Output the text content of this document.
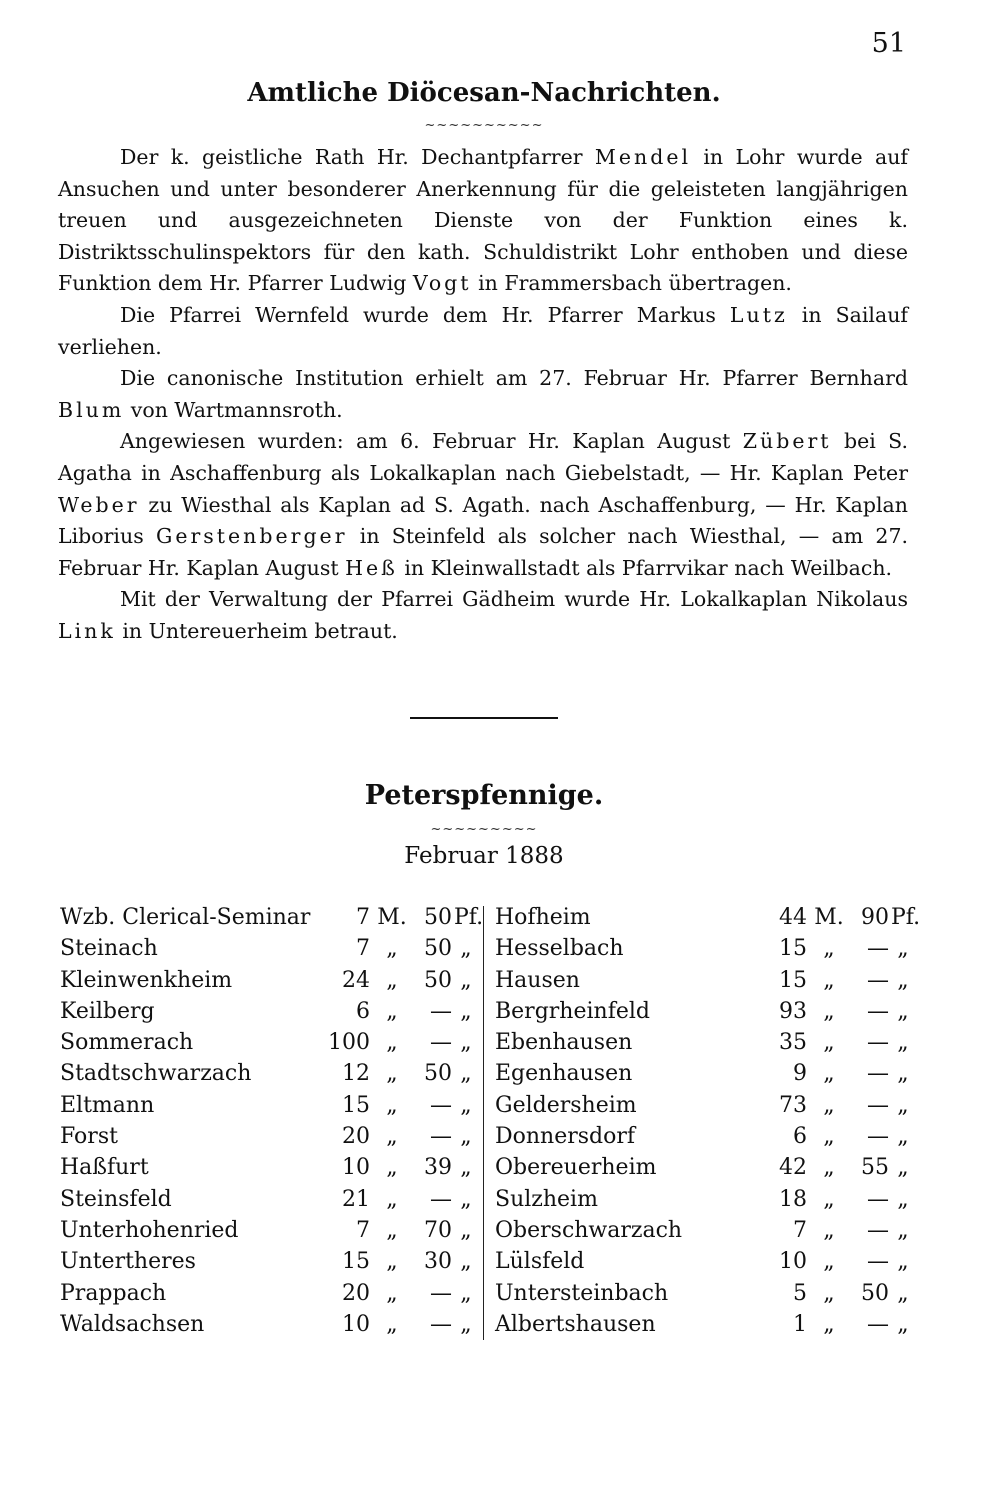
51
Amtliche Diöcesan-Nachrichten.
~~~~~~~~~~

Der k. geistliche Rath Hr. Dechantpfarrer Mendel in Lohr wurde auf Ansuchen und unter besonderer Anerkennung für die geleisteten langjährigen treuen und ausgezeichneten Dienste von der Funktion eines k. Distriktsschulinspektors für den kath. Schuldistrikt Lohr enthoben und diese Funktion dem Hr. Pfarrer Ludwig Vogt in Frammersbach übertragen.

Die Pfarrei Wernfeld wurde dem Hr. Pfarrer Markus Lutz in Sailauf verliehen.

Die canonische Institution erhielt am 27. Februar Hr. Pfarrer Bernhard Blum von Wartmannsroth.

Angewiesen wurden: am 6. Februar Hr. Kaplan August Zübert bei S. Agatha in Aschaffenburg als Lokalkaplan nach Giebelstadt, — Hr. Kaplan Peter Weber zu Wiesthal als Kaplan ad S. Agath. nach Aschaffenburg, — Hr. Kaplan Liborius Gerstenberger in Steinfeld als solcher nach Wiesthal, — am 27. Februar Hr. Kaplan August Heß in Kleinwallstadt als Pfarrvikar nach Weilbach.

Mit der Verwaltung der Pfarrei Gädheim wurde Hr. Lokalkaplan Nikolaus Link in Untereuerheim betraut.

Peterspfennige.
~~~~~~~~~
Februar 1888
Wzb. Clerical-Seminar	7 M. 50 Pf.
Steinach	7 „	50 „
Kleinwenkheim	24 „	50 „
Keilberg	6 „	— „
Sommerach	100 „	— „
Stadtschwarzach	12 „	50 „
Eltmann	15 „	— „
Forst	20 „	— „
Haßfurt	10 „	39 „
Steinsfeld	21 „	— „
Unterhohenried	7 „	70 „
Untertheres	15 „	30 „
Prappach	20 „	— „
Waldsachsen	10 „	— „
Hofheim	44 M. 90 Pf.
Hesselbach	15 „	— „
Hausen	15 „	— „
Bergrheinfeld	93 „	— „
Ebenhausen	35 „	— „
Egenhausen	9 „	— „
Geldersheim	73 „	— „
Donnersdorf	6 „	— „
Obereuerheim	42 „	55 „
Sulzheim	18 „	— „
Oberschwarzach	7 „	— „
Lülsfeld	10 „	— „
Untersteinbach	5 „	50 „
Albertshausen	1 „	— „
